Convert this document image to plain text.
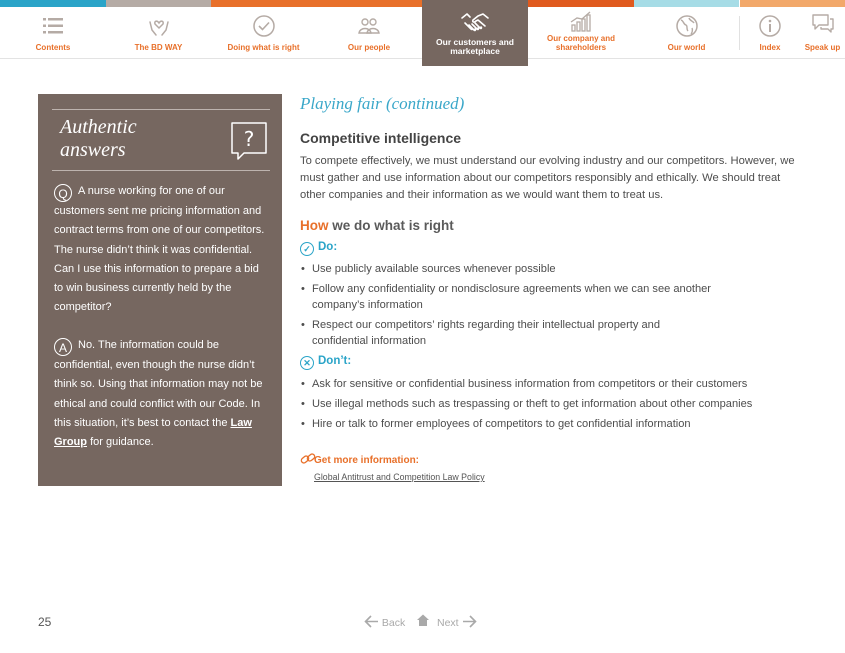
Contents	The BD WAY	Doing what is right	Our people
Our customers and marketplace
Our company and shareholders	Our world	Index	Speak up
Authentic
answers	?
Q A nurse working for one of our customers sent me pricing information and contract terms from one of our competitors. The nurse didn’t think it was confidential. Can I use this information to prepare a bid to win business currently held by the competitor?
A No. The information could be confidential, even though the nurse didn’t think so. Using that information may not be ethical and could conflict with our Code. In this situation, it’s best to contact the Law Group for guidance.
Playing fair (continued)
Competitive intelligence
To compete effectively, we must understand our evolving industry and our competitors. However, we must gather and use information about our competitors responsibly and ethically. We should treat other companies and their information as we would want them to treat us.
How we do what is right
✓ Do:
• Use publicly available sources whenever possible
• Follow any confidentiality or nondisclosure agreements when we can see another company’s information
• Respect our competitors’ rights regarding their intellectual property and confidential information
✕ Don’t:
• Ask for sensitive or confidential business information from competitors or their customers
• Use illegal methods such as trespassing or theft to get information about other companies
• Hire or talk to former employees of competitors to get confidential information
Get more information:
Global Antitrust and Competition Law Policy
25	Back	Next
